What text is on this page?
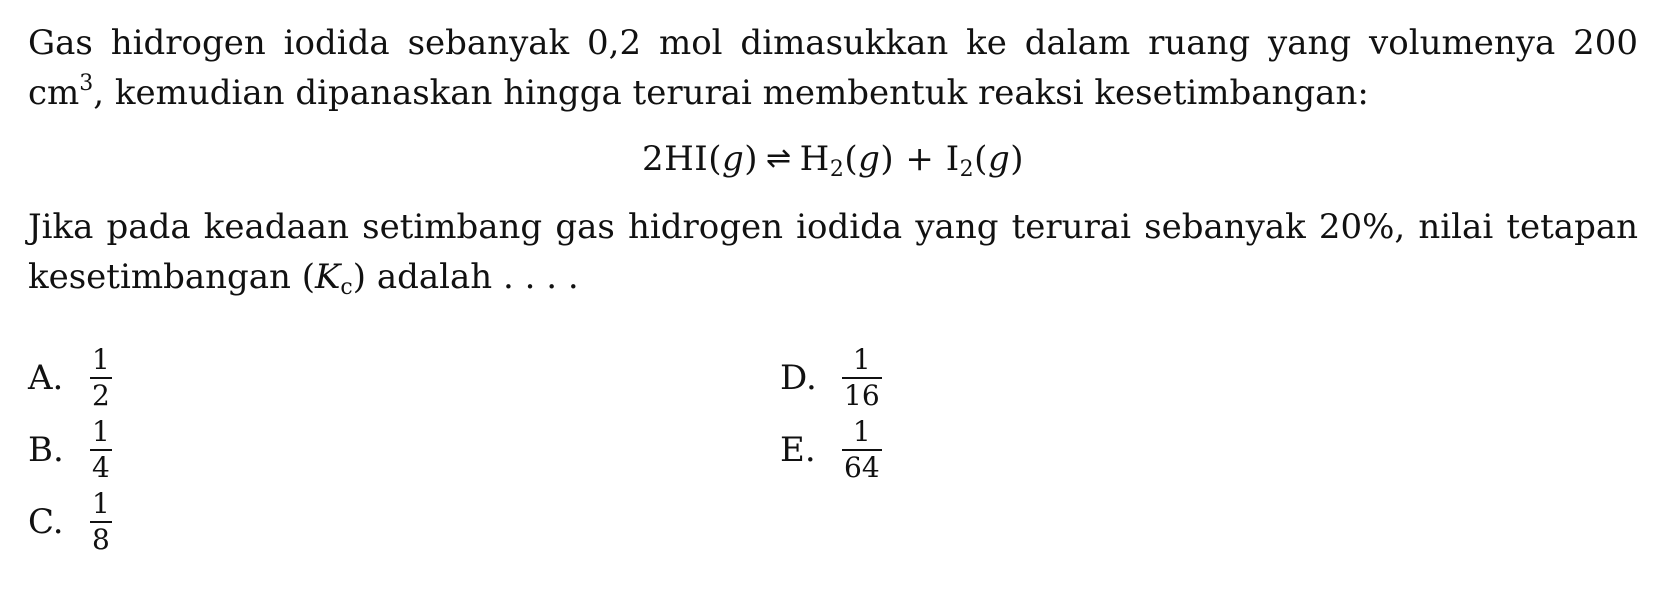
Gas hidrogen iodida sebanyak 0,2 mol dimasukkan ke dalam ruang yang volumenya 200 $cm^3$, kemudian dipanaskan hingga terurai membentuk reaksi kesetimbangan:

2HI(g) ⇌ $H_2(g) + I_2(g)$

Jika pada keadaan setimbang gas hidrogen iodida yang terurai sebanyak 20%, nilai tetapan kesetimbangan $(K_c)$ adalah . . . .

A. $\frac{1}{2}$
B. $\frac{1}{4}$
C. $\frac{1}{8}$
D. $\frac{1}{16}$
E. $\frac{1}{64}$
